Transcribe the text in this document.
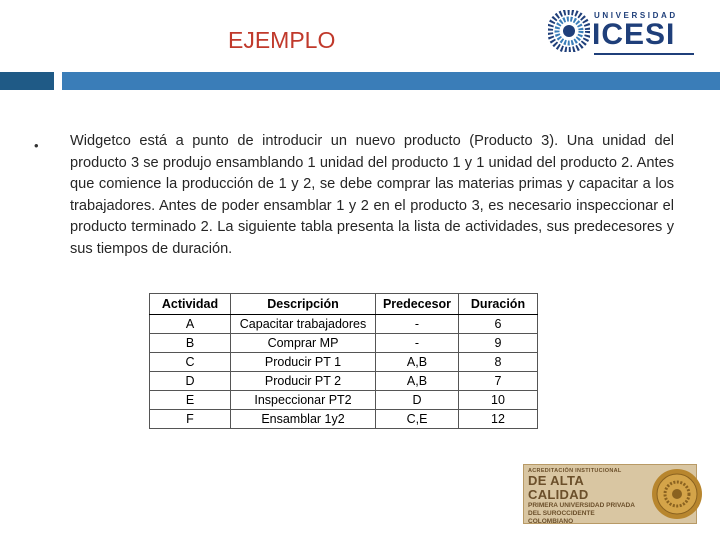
EJEMPLO
UNIVERSIDAD
ICESI
• Widgetco está a punto de introducir un nuevo producto (Producto 3). Una unidad del producto 3 se produjo ensamblando 1 unidad del producto 1 y 1 unidad del producto 2. Antes que comience la producción de 1 y 2, se debe comprar las materias primas y capacitar a los trabajadores. Antes de poder ensamblar 1 y 2 en el producto 3, es necesario inspeccionar el producto terminado 2. La siguiente tabla presenta la lista de actividades, sus predecesores y sus tiempos de duración.
Actividad	Descripción	Predecesor	Duración
A	Capacitar trabajadores	-	6
B	Comprar MP	-	9
C	Producir PT 1	A,B	8
D	Producir PT 2	A,B	7
E	Inspeccionar PT2	D	10
F	Ensamblar 1y2	C,E	12
ACREDITACIÓN INSTITUCIONAL
DE ALTA CALIDAD
PRIMERA UNIVERSIDAD PRIVADA
DEL SUROCCIDENTE COLOMBIANO
